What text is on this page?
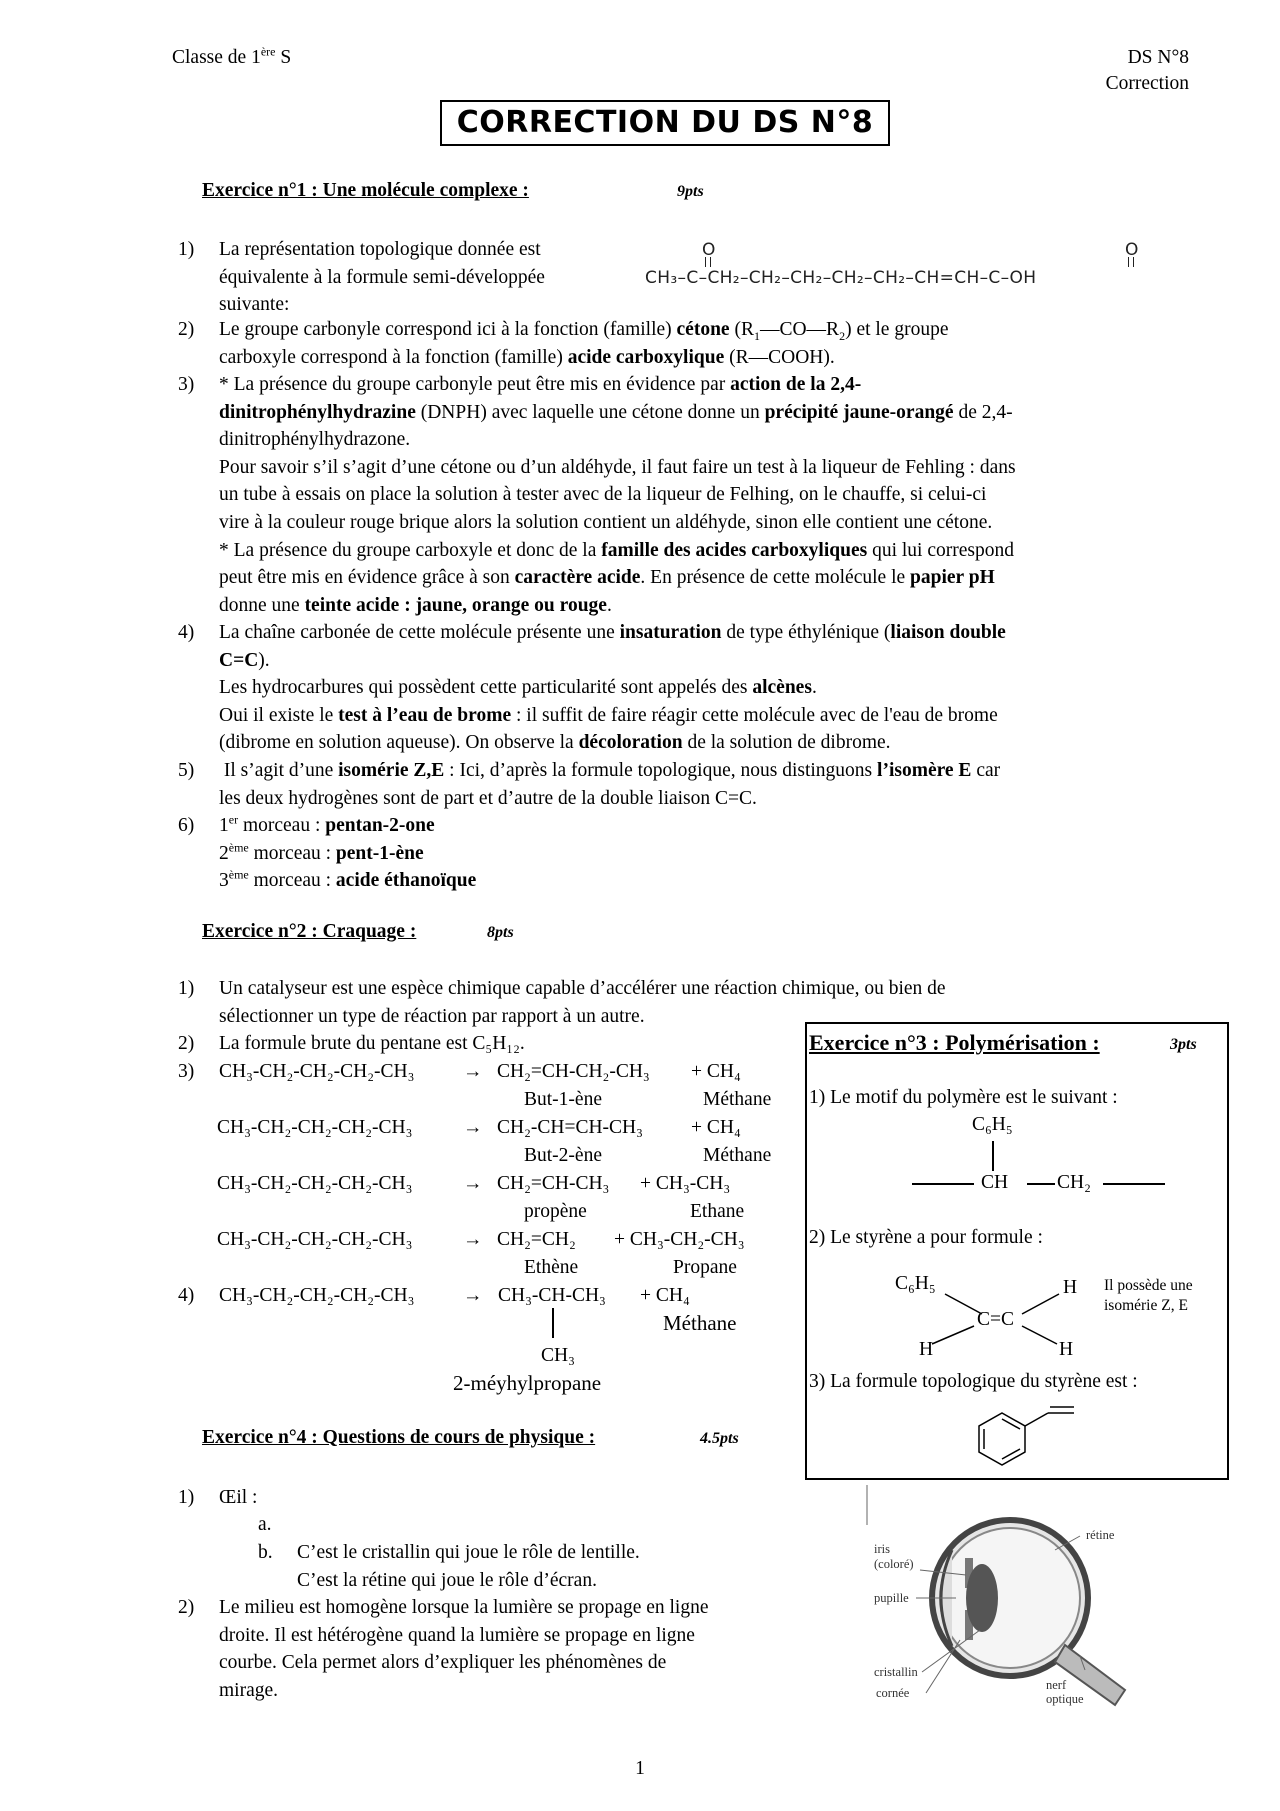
Classe de 1ère S	DS N°8
Correction
CORRECTION DU DS N°8
Exercice n°1 : Une molécule complexe :	9pts
1) La représentation topologique donnée est
équivalente à la formule semi-développée
suivante:
O	O
CH₃–C–CH₂–CH₂–CH₂–CH₂–CH₂–CH=CH–C–OH
2) Le groupe carbonyle correspond ici à la fonction (famille) cétone $(R_1—CO—R_2)$ et le groupe
carboxyle correspond à la fonction (famille) acide carboxylique (R—COOH).
3) * La présence du groupe carbonyle peut être mis en évidence par action de la 2,4-
dinitrophénylhydrazine (DNPH) avec laquelle une cétone donne un précipité jaune-orangé de 2,4-
dinitrophénylhydrazone.
Pour savoir s’il s’agit d’une cétone ou d’un aldéhyde, il faut faire un test à la liqueur de Fehling : dans
un tube à essais on place la solution à tester avec de la liqueur de Felhing, on le chauffe, si celui-ci
vire à la couleur rouge brique alors la solution contient un aldéhyde, sinon elle contient une cétone.
* La présence du groupe carboxyle et donc de la famille des acides carboxyliques qui lui correspond
peut être mis en évidence grâce à son caractère acide. En présence de cette molécule le papier pH
donne une teinte acide : jaune, orange ou rouge.
4) La chaîne carbonée de cette molécule présente une insaturation de type éthylénique (liaison double
C=C).
Les hydrocarbures qui possèdent cette particularité sont appelés des alcènes.
Oui il existe le test à l’eau de brome : il suffit de faire réagir cette molécule avec de l'eau de brome
(dibrome en solution aqueuse). On observe la décoloration de la solution de dibrome.
5) Il s’agit d’une isomérie Z,E : Ici, d’après la formule topologique, nous distinguons l’isomère E car
les deux hydrogènes sont de part et d’autre de la double liaison C=C.
6) 1er morceau : pentan-2-one
2ème morceau : pent-1-ène
3ème morceau : acide éthanoïque
Exercice n°2 : Craquage :	8pts
1) Un catalyseur est une espèce chimique capable d’accélérer une réaction chimique, ou bien de
sélectionner un type de réaction par rapport à un autre.
2) La formule brute du pentane est C₅H₁₂.
3) CH₃-CH₂-CH₂-CH₂-CH₃ → CH₂=CH-CH₂-CH₃ + CH₄
But-1-ène	Méthane
CH₃-CH₂-CH₂-CH₂-CH₃	→ CH₂-CH=CH-CH₃ + CH₄
But-2-ène	Méthane
CH₃-CH₂-CH₂-CH₂-CH₃	→ CH₂=CH-CH₃ + CH₃-CH₃
propène	Ethane
CH₃-CH₂-CH₂-CH₂-CH₃	→ CH₂=CH₂ + CH₃-CH₂-CH₃
Ethène	Propane
4) CH₃-CH₂-CH₂-CH₂-CH₃ → CH₃-CH-CH₃ + CH₄
Méthane
CH₃
2-méyhylpropane
Exercice n°3 : Polymérisation :	3pts
1) Le motif du polymère est le suivant :
C₆H₅
CH	CH₂
2) Le styrène a pour formule :
C₆H₅	H
C=C
H	H
Il possède une
isomérie Z, E
3) La formule topologique du styrène est :
Exercice n°4 : Questions de cours de physique :	4.5pts
1) Œil :
a.
b. C’est le cristallin qui joue le rôle de lentille.
C’est la rétine qui joue le rôle d’écran.
2) Le milieu est homogène lorsque la lumière se propage en ligne
droite. Il est hétérogène quand la lumière se propage en ligne
courbe. Cela permet alors d’expliquer les phénomènes de
mirage.
iris
(coloré)
pupille
cristallin
cornée
rétine
nerf
optique
1
